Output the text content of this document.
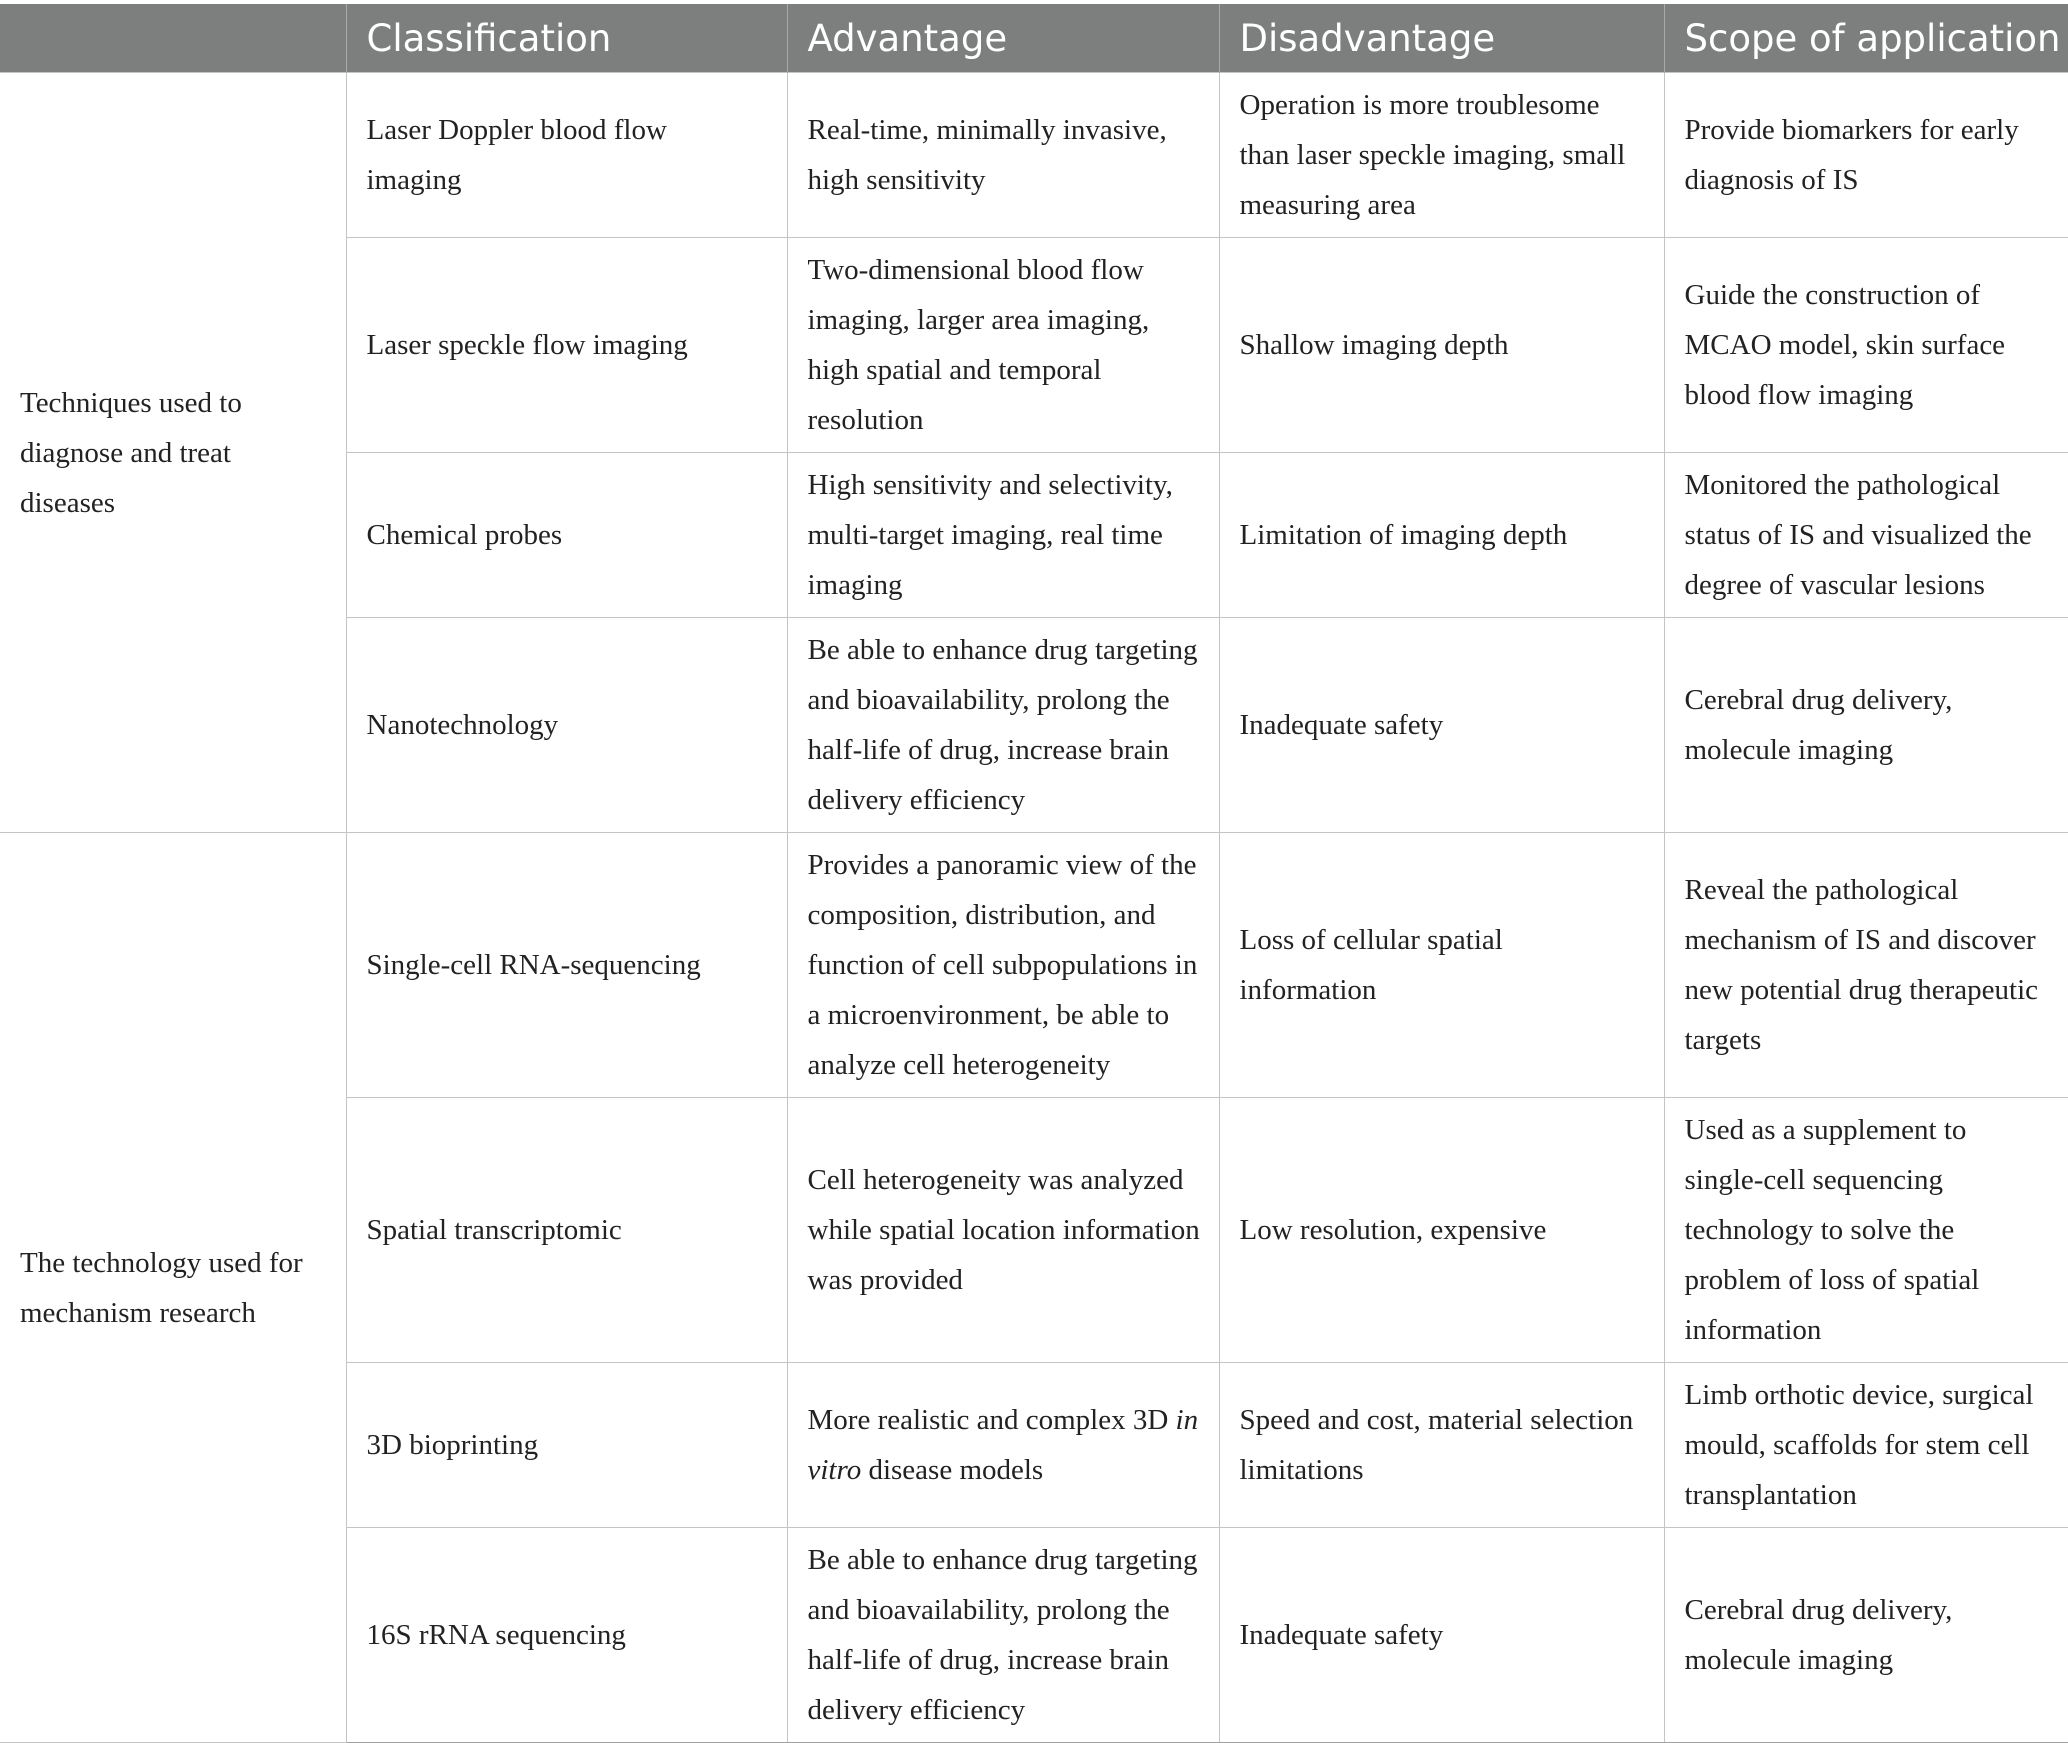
	Classification	Advantage	Disadvantage	Scope of application
Techniques used to diagnose and treat diseases	Laser Doppler blood flow imaging	Real-time, minimally invasive, high sensitivity	Operation is more troublesome than laser speckle imaging, small measuring area	Provide biomarkers for early diagnosis of IS
	Laser speckle flow imaging	Two-dimensional blood flow imaging, larger area imaging, high spatial and temporal resolution	Shallow imaging depth	Guide the construction of MCAO model, skin surface blood flow imaging
	Chemical probes	High sensitivity and selectivity, multi-target imaging, real time imaging	Limitation of imaging depth	Monitored the pathological status of IS and visualized the degree of vascular lesions
	Nanotechnology	Be able to enhance drug targeting and bioavailability, prolong the half-life of drug, increase brain delivery efficiency	Inadequate safety	Cerebral drug delivery, molecule imaging
The technology used for mechanism research	Single-cell RNA-sequencing	Provides a panoramic view of the composition, distribution, and function of cell subpopulations in a microenvironment, be able to analyze cell heterogeneity	Loss of cellular spatial information	Reveal the pathological mechanism of IS and discover new potential drug therapeutic targets
	Spatial transcriptomic	Cell heterogeneity was analyzed while spatial location information was provided	Low resolution, expensive	Used as a supplement to single-cell sequencing technology to solve the problem of loss of spatial information
	3D bioprinting	More realistic and complex 3D in vitro disease models	Speed and cost, material selection limitations	Limb orthotic device, surgical mould, scaffolds for stem cell transplantation
	16S rRNA sequencing	Be able to enhance drug targeting and bioavailability, prolong the half-life of drug, increase brain delivery efficiency	Inadequate safety	Cerebral drug delivery, molecule imaging
